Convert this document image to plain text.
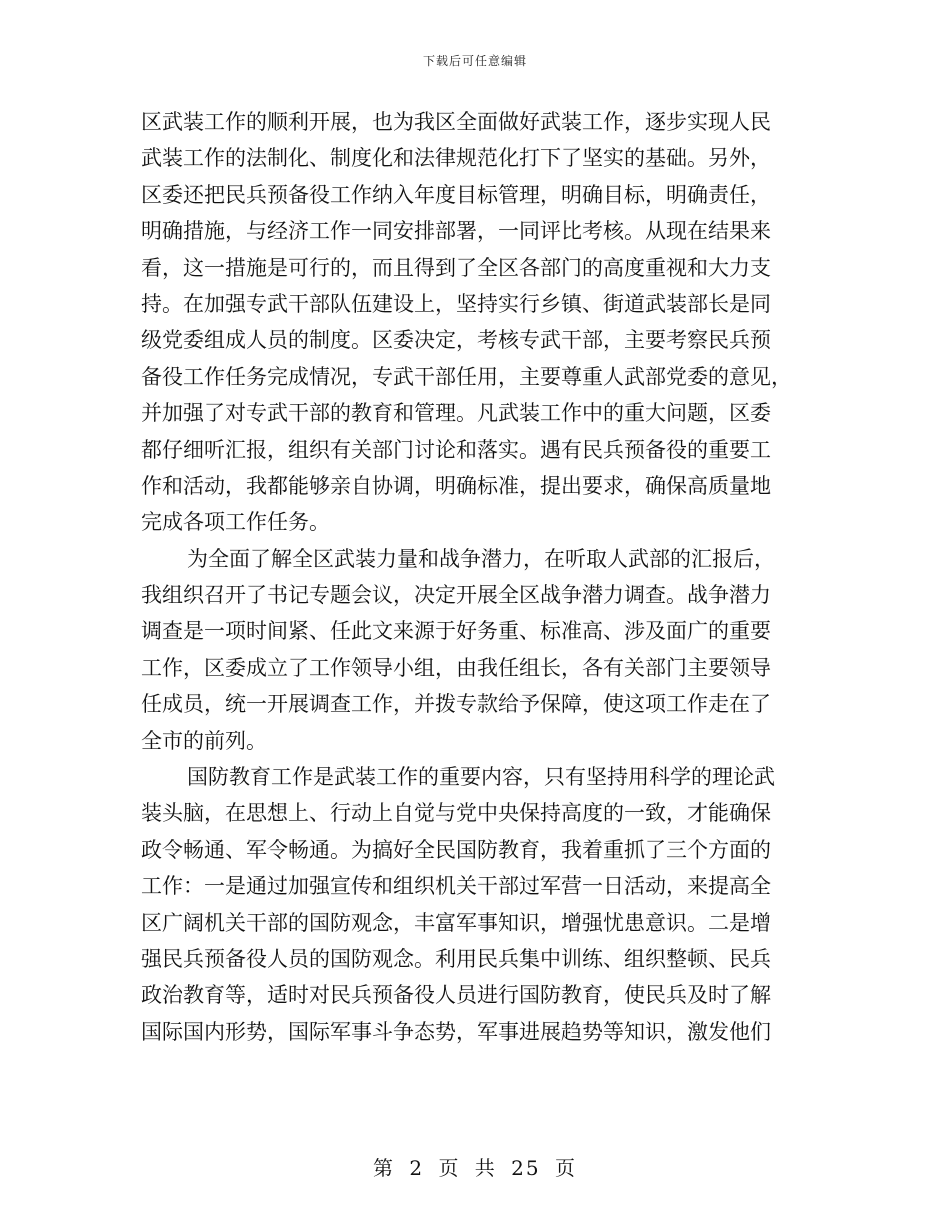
下载后可任意编辑
区武装工作的顺利开展，也为我区全面做好武装工作，逐步实现人民
武装工作的法制化、制度化和法律规范化打下了坚实的基础。另外，
区委还把民兵预备役工作纳入年度目标管理，明确目标，明确责任，
明确措施，与经济工作一同安排部署，一同评比考核。从现在结果来
看，这一措施是可行的，而且得到了全区各部门的高度重视和大力支
持。在加强专武干部队伍建设上，坚持实行乡镇、街道武装部长是同
级党委组成人员的制度。区委决定，考核专武干部，主要考察民兵预
备役工作任务完成情况，专武干部任用，主要尊重人武部党委的意见，
并加强了对专武干部的教育和管理。凡武装工作中的重大问题，区委
都仔细听汇报，组织有关部门讨论和落实。遇有民兵预备役的重要工
作和活动，我都能够亲自协调，明确标准，提出要求，确保高质量地
完成各项工作任务。
为全面了解全区武装力量和战争潜力，在听取人武部的汇报后，
我组织召开了书记专题会议，决定开展全区战争潜力调查。战争潜力
调查是一项时间紧、任此文来源于好务重、标准高、涉及面广的重要
工作，区委成立了工作领导小组，由我任组长，各有关部门主要领导
任成员，统一开展调查工作，并拨专款给予保障，使这项工作走在了
全市的前列。
国防教育工作是武装工作的重要内容，只有坚持用科学的理论武
装头脑，在思想上、行动上自觉与党中央保持高度的一致，才能确保
政令畅通、军令畅通。为搞好全民国防教育，我着重抓了三个方面的
工作：一是通过加强宣传和组织机关干部过军营一日活动，来提高全
区广阔机关干部的国防观念，丰富军事知识，增强忧患意识。二是增
强民兵预备役人员的国防观念。利用民兵集中训练、组织整顿、民兵
政治教育等，适时对民兵预备役人员进行国防教育，使民兵及时了解
国际国内形势，国际军事斗争态势，军事进展趋势等知识，激发他们
第 2 页 共 25 页
